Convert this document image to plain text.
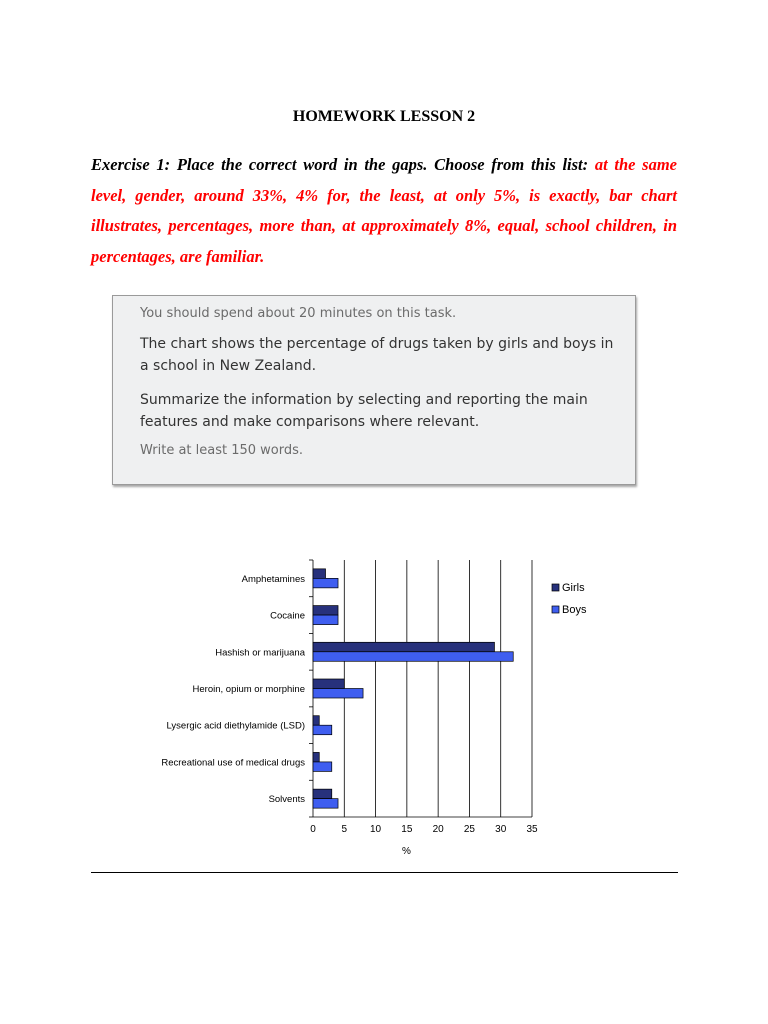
HOMEWORK LESSON 2
Exercise 1: Place the correct word in the gaps. Choose from this list: at the same level, gender, around 33%, 4% for, the least, at only 5%, is exactly, bar chart illustrates, percentages, more than, at approximately 8%, equal, school children, in percentages, are familiar.

You should spend about 20 minutes on this task.

The chart shows the percentage of drugs taken by girls and boys in a school in New Zealand.

Summarize the information by selecting and reporting the main features and make comparisons where relevant.

Write at least 150 words.

Amphetamines
Cocaine
Hashish or marijuana
Heroin, opium or morphine
Lysergic acid diethylamide (LSD)
Recreational use of medical drugs
Solvents
0	5 10 15 20 25 30 35
%
Girls
Boys
